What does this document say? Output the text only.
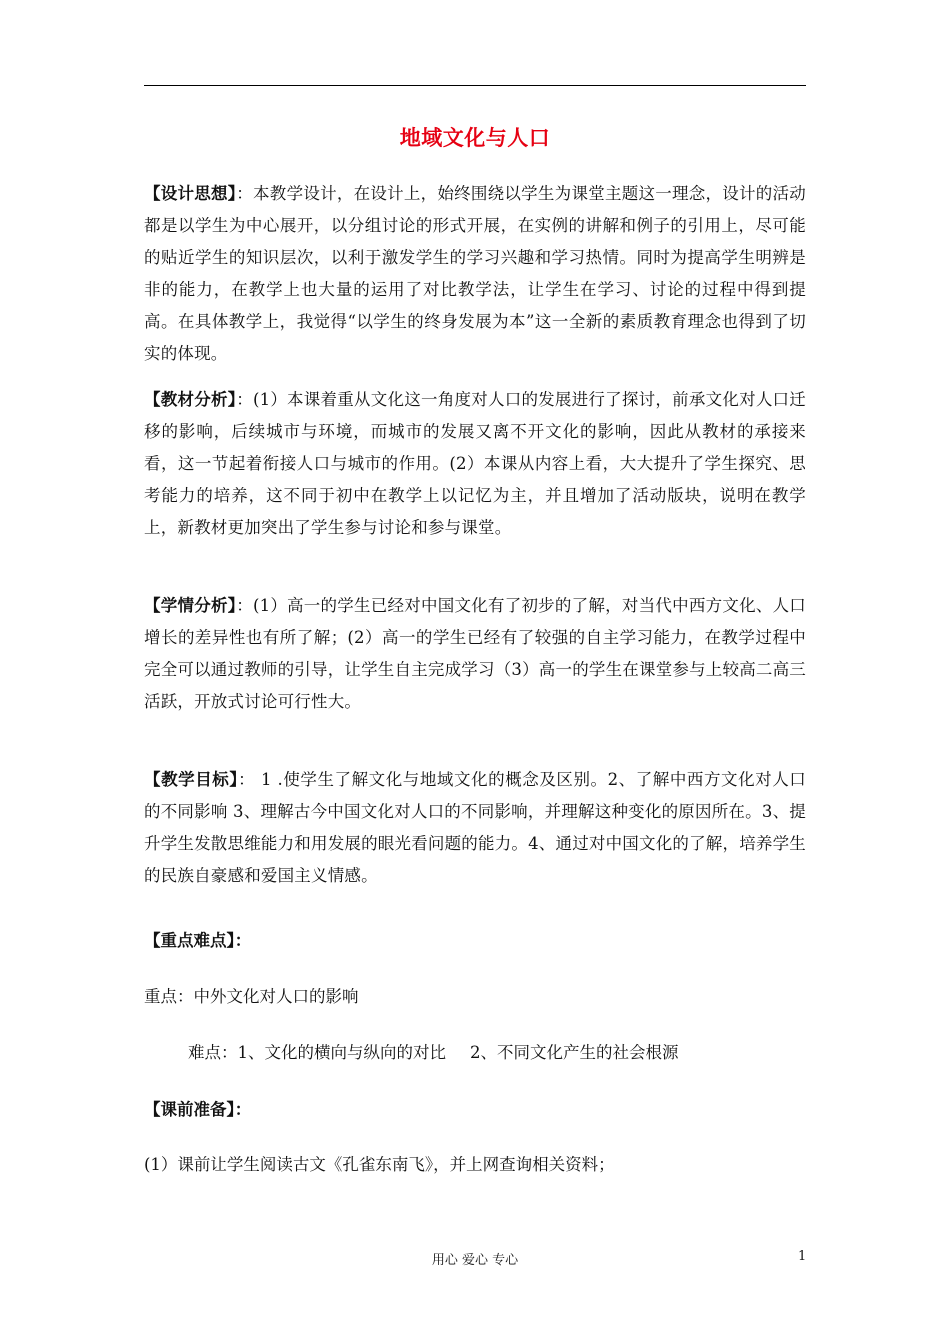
地域文化与人口

【设计思想】：本教学设计，在设计上，始终围绕以学生为课堂主题这一理念，设计的活动都是以学生为中心展开，以分组讨论的形式开展，在实例的讲解和例子的引用上，尽可能的贴近学生的知识层次，以利于激发学生的学习兴趣和学习热情。同时为提高学生明辨是非的能力，在教学上也大量的运用了对比教学法，让学生在学习、讨论的过程中得到提高。在具体教学上，我觉得“以学生的终身发展为本”这一全新的素质教育理念也得到了切实的体现。

【教材分析】：(1）本课着重从文化这一角度对人口的发展进行了探讨，前承文化对人口迁移的影响，后续城市与环境，而城市的发展又离不开文化的影响，因此从教材的承接来看，这一节起着衔接人口与城市的作用。(2）本课从内容上看，大大提升了学生探究、思考能力的培养，这不同于初中在教学上以记忆为主，并且增加了活动版块，说明在教学上，新教材更加突出了学生参与讨论和参与课堂。

【学情分析】：(1）高一的学生已经对中国文化有了初步的了解，对当代中西方文化、人口增长的差异性也有所了解；(2）高一的学生已经有了较强的自主学习能力，在教学过程中完全可以通过教师的引导，让学生自主完成学习（3）高一的学生在课堂参与上较高二高三活跃，开放式讨论可行性大。

【教学目标】： 1 .使学生了解文化与地域文化的概念及区别。2、了解中西方文化对人口的不同影响 3、理解古今中国文化对人口的不同影响，并理解这种变化的原因所在。3、提升学生发散思维能力和用发展的眼光看问题的能力。4、通过对中国文化的了解，培养学生的民族自豪感和爱国主义情感。

【重点难点】：

重点：中外文化对人口的影响

难点：1、文化的横向与纵向的对比 2、不同文化产生的社会根源

【课前准备】：

(1）课前让学生阅读古文《孔雀东南飞》，并上网查询相关资料；

用心 爱心 专心	1
